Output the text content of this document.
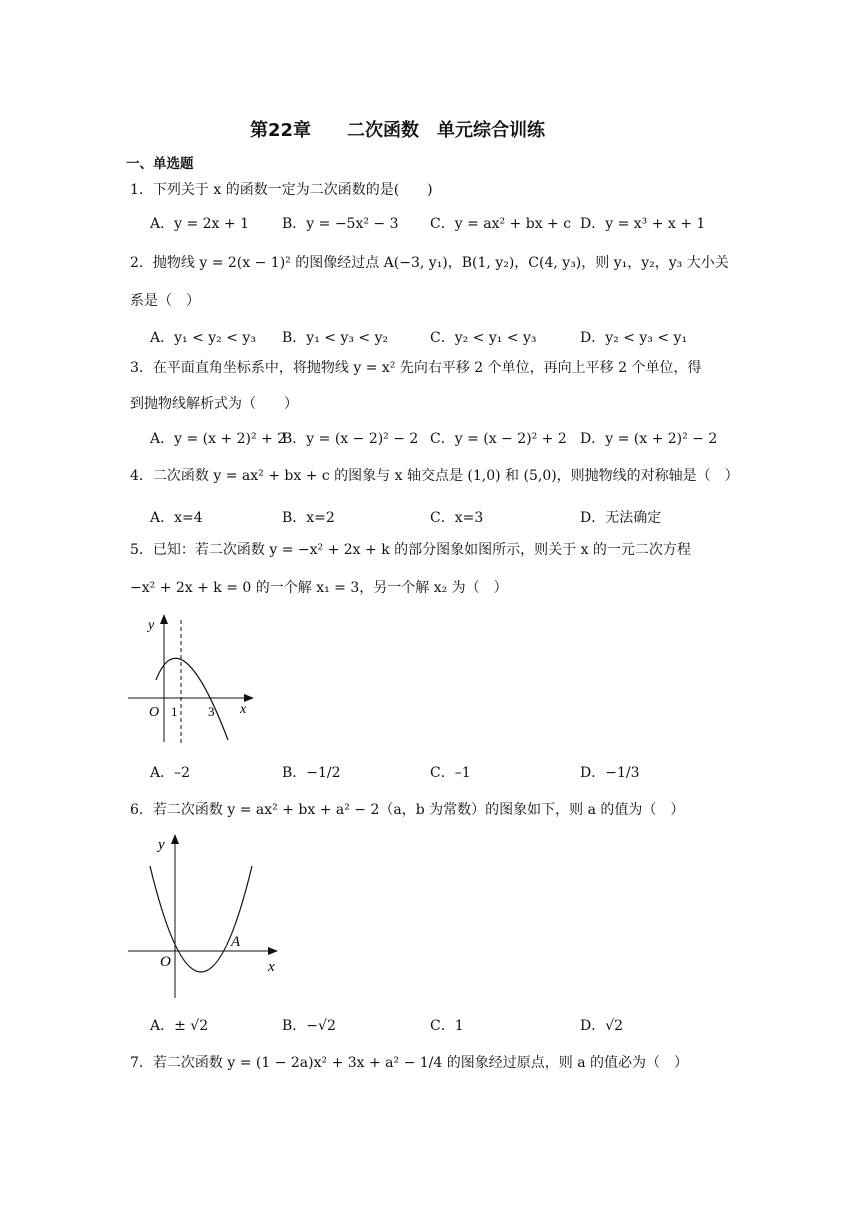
第22章　　二次函数　单元综合训练
一、单选题
1．下列关于 x 的函数一定为二次函数的是(　　)
A．y = 2x + 1 B．y = −5x² − 3 C．y = ax² + bx + c D．y = x³ + x + 1
2．抛物线 y = 2(x − 1)² 的图像经过点 A(−3, y₁)，B(1, y₂)，C(4, y₃)，则 y₁，y₂，y₃ 大小关
系是（　）
A．y₁ < y₂ < y₃ B．y₁ < y₃ < y₂	C．y₂ < y₁ < y₃	D．y₂ < y₃ < y₁
3．在平面直角坐标系中，将抛物线 y = x² 先向右平移 2 个单位，再向上平移 2 个单位，得
到抛物线解析式为（　　）
A．y = (x + 2)² + 2
B．y = (x − 2)² − 2 C．y = (x − 2)² + 2 D．y = (x + 2)² − 2
4．二次函数 y = ax² + bx + c 的图象与 x 轴交点是 (1,0) 和 (5,0)，则抛物线的对称轴是（　）
A．x=4	B．x=2	C．x=3	D．无法确定
5．已知：若二次函数 y = −x² + 2x + k 的部分图象如图所示，则关于 x 的一元二次方程
−x² + 2x + k = 0 的一个解 x₁ = 3，另一个解 x₂ 为（　）
y
x
O 1 3
A．–2	B．−1/2	C．–1	D．−1/3
6．若二次函数 y = ax² + bx + a² − 2（a，b 为常数）的图象如下，则 a 的值为（　）
y
x
O
A
A．± √2	B．−√2	C．1	D．√2
7．若二次函数 y = (1 − 2a)x² + 3x + a² − 1/4 的图象经过原点，则 a 的值必为（　）
